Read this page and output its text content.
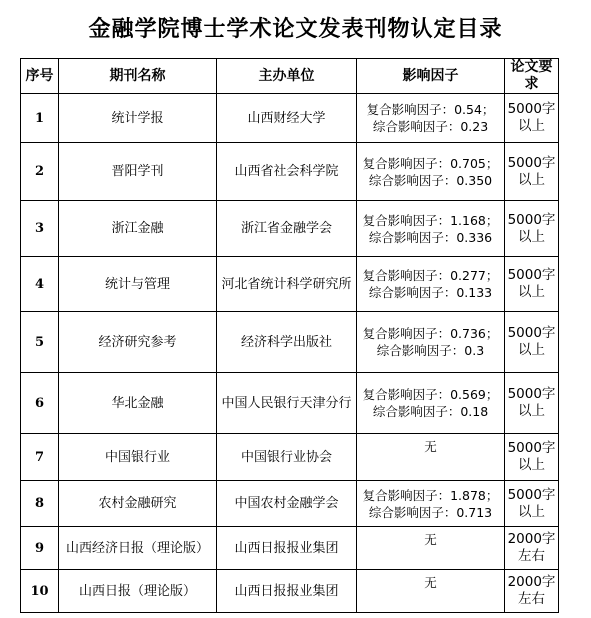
金融学院博士学术论文发表刊物认定目录
序号	期刊名称	主办单位	影响因子	论文要求
1	统计学报	山西财经大学	复合影响因子：0.54；
综合影响因子：0.23	5000字以上
2	晋阳学刊	山西省社会科学院	复合影响因子：0.705；
综合影响因子：0.350	5000字以上
3	浙江金融	浙江省金融学会	复合影响因子：1.168；
综合影响因子：0.336	5000字以上
4	统计与管理	河北省统计科学研究所	复合影响因子：0.277；
综合影响因子：0.133	5000字以上
5	经济研究参考	经济科学出版社	复合影响因子：0.736；
综合影响因子：0.3	5000字以上
6	华北金融	中国人民银行天津分行	复合影响因子：0.569；
综合影响因子：0.18	5000字以上
7	中国银行业	中国银行业协会	无	5000字以上
8	农村金融研究	中国农村金融学会	复合影响因子：1.878；
综合影响因子：0.713	5000字以上
9	山西经济日报（理论版）	山西日报报业集团	无	2000字左右
10	山西日报（理论版）	山西日报报业集团	无	2000字左右
